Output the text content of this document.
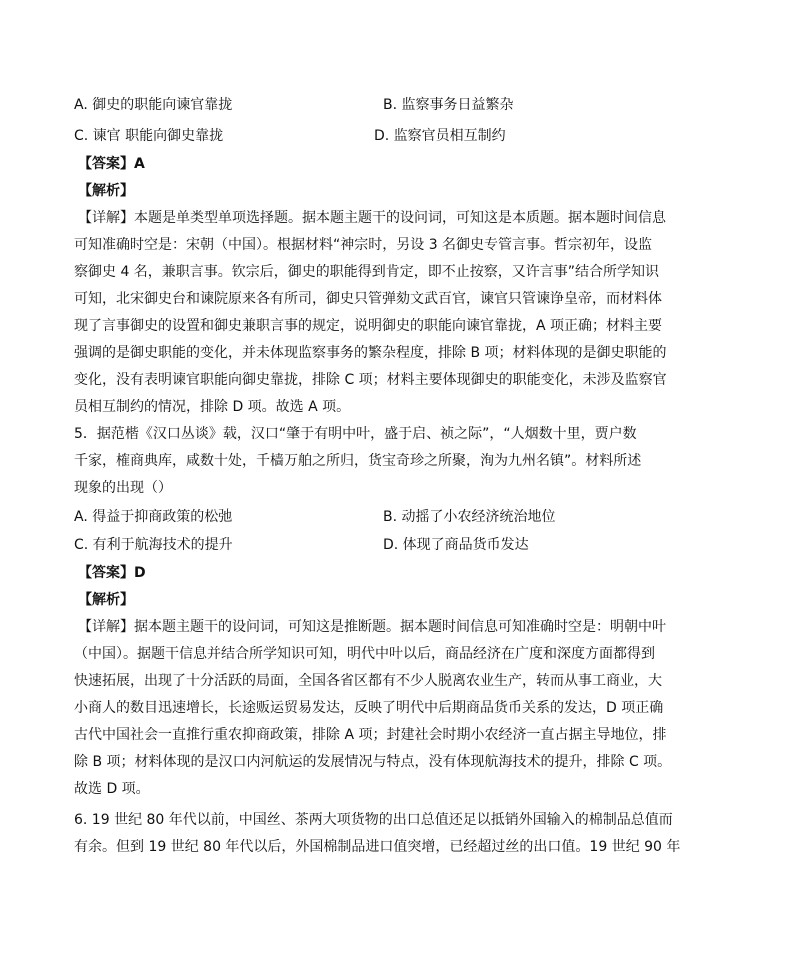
A. 御史的职能向谏官靠拢	B. 监察事务日益繁杂
C. 谏官 职能向御史靠拢	D. 监察官员相互制约
【答案】A
【解析】
【详解】本题是单类型单项选择题。据本题主题干的设问词，可知这是本质题。据本题时间信息
可知准确时空是：宋朝（中国）。根据材料“神宗时，另设 3 名御史专管言事。哲宗初年，设监
察御史 4 名，兼职言事。钦宗后，御史的职能得到肯定，即不止按察，又许言事”结合所学知识
可知，北宋御史台和谏院原来各有所司，御史只管弹劾文武百官，谏官只管谏诤皇帝，而材料体
现了言事御史的设置和御史兼职言事的规定，说明御史的职能向谏官靠拢，A 项正确；材料主要
强调的是御史职能的变化，并未体现监察事务的繁杂程度，排除 B 项；材料体现的是御史职能的
变化，没有表明谏官职能向御史靠拢，排除 C 项；材料主要体现御史的职能变化，未涉及监察官
员相互制约的情况，排除 D 项。故选 A 项。
5．据范楷《汉口丛谈》载，汉口“肇于有明中叶，盛于启、祯之际”，“人烟数十里，贾户数
千家，榷商典库，咸数十处，千樯万舶之所归，货宝奇珍之所聚，洵为九州名镇”。材料所述
现象的出现（）
A. 得益于抑商政策的松弛	B. 动摇了小农经济统治地位
C. 有利于航海技术的提升	D. 体现了商品货币发达
【答案】D
【解析】
【详解】据本题主题干的设问词，可知这是推断题。据本题时间信息可知准确时空是：明朝中叶
（中国）。据题干信息并结合所学知识可知，明代中叶以后，商品经济在广度和深度方面都得到
快速拓展，出现了十分活跃的局面，全国各省区都有不少人脱离农业生产，转而从事工商业，大
小商人的数目迅速增长，长途贩运贸易发达，反映了明代中后期商品货币关系的发达，D 项正确
古代中国社会一直推行重农抑商政策，排除 A 项；封建社会时期小农经济一直占据主导地位，排
除 B 项；材料体现的是汉口内河航运的发展情况与特点，没有体现航海技术的提升，排除 C 项。
故选 D 项。
6. 19 世纪 80 年代以前，中国丝、茶两大项货物的出口总值还足以抵销外国输入的棉制品总值而
有余。但到 19 世纪 80 年代以后，外国棉制品进口值突增，已经超过丝的出口值。19 世纪 90 年
